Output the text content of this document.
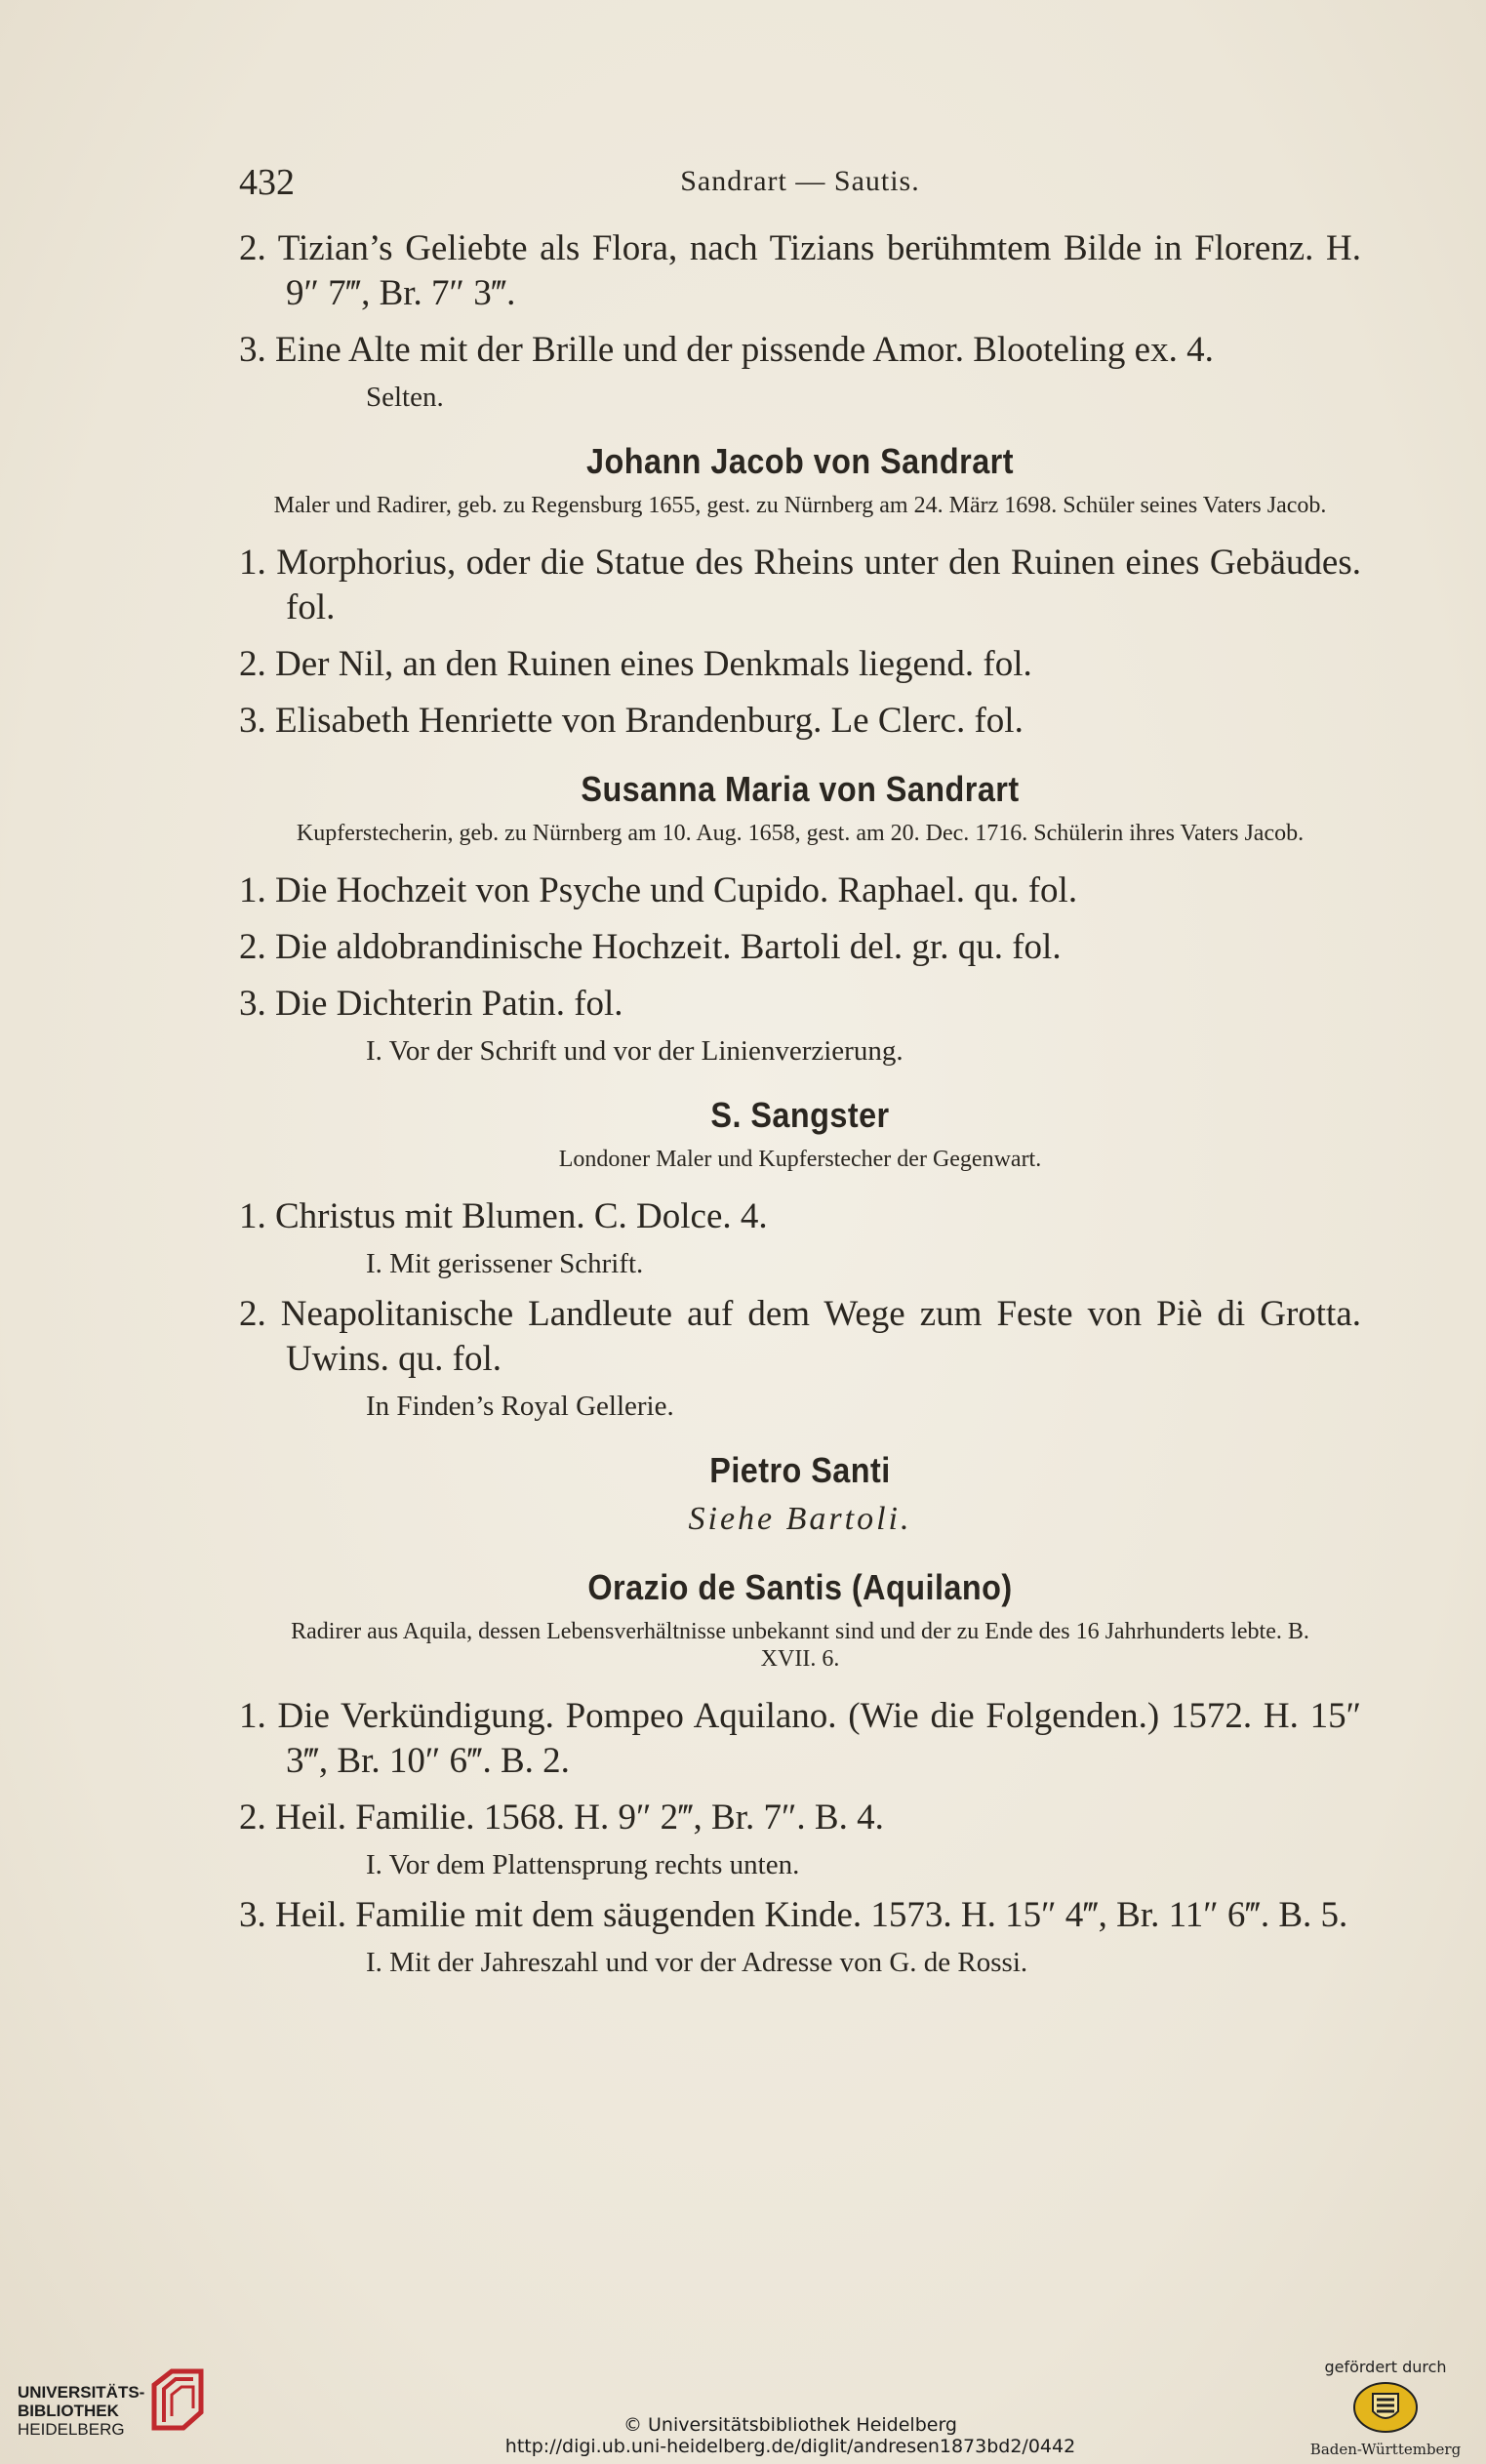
432	Sandrart — Sautis.

2. Tizian’s Geliebte als Flora, nach Tizians berühmtem Bilde in Florenz. H. 9″ 7‴, Br. 7″ 3‴.

3. Eine Alte mit der Brille und der pissende Amor. Blooteling ex. 4.

Selten.

Johann Jacob von Sandrart
Maler und Radirer, geb. zu Regensburg 1655, gest. zu Nürnberg am 24. März 1698. Schüler seines Vaters Jacob.

1. Morphorius, oder die Statue des Rheins unter den Ruinen eines Gebäudes. fol.

2. Der Nil, an den Ruinen eines Denkmals liegend. fol.

3. Elisabeth Henriette von Brandenburg. Le Clerc. fol.

Susanna Maria von Sandrart
Kupferstecherin, geb. zu Nürnberg am 10. Aug. 1658, gest. am 20. Dec. 1716. Schülerin ihres Vaters Jacob.

1. Die Hochzeit von Psyche und Cupido. Raphael. qu. fol.

2. Die aldobrandinische Hochzeit. Bartoli del. gr. qu. fol.

3. Die Dichterin Patin. fol.

I. Vor der Schrift und vor der Linienverzierung.

S. Sangster
Londoner Maler und Kupferstecher der Gegenwart.

1. Christus mit Blumen. C. Dolce. 4.

I. Mit gerissener Schrift.

2. Neapolitanische Landleute auf dem Wege zum Feste von Piè di Grotta. Uwins. qu. fol.

In Finden’s Royal Gellerie.

Pietro Santi
Siehe Bartoli.
Orazio de Santis (Aquilano)
Radirer aus Aquila, dessen Lebensverhältnisse unbekannt sind und der zu Ende des 16 Jahrhunderts lebte. B. XVII. 6.

1. Die Verkündigung. Pompeo Aquilano. (Wie die Folgenden.) 1572. H. 15″ 3‴, Br. 10″ 6‴. B. 2.

2. Heil. Familie. 1568. H. 9″ 2‴, Br. 7″. B. 4.

I. Vor dem Plattensprung rechts unten.

3. Heil. Familie mit dem säugenden Kinde. 1573. H. 15″ 4‴, Br. 11″ 6‴. B. 5.

I. Mit der Jahreszahl und vor der Adresse von G. de Rossi.

UNIVERSITÄTS-
BIBLIOTHEK
HEIDELBERG	© Universitätsbibliothek Heidelberg
http://digi.ub.uni-heidelberg.de/diglit/andresen1873bd2/0442
gefördert durch
Baden-Württemberg
